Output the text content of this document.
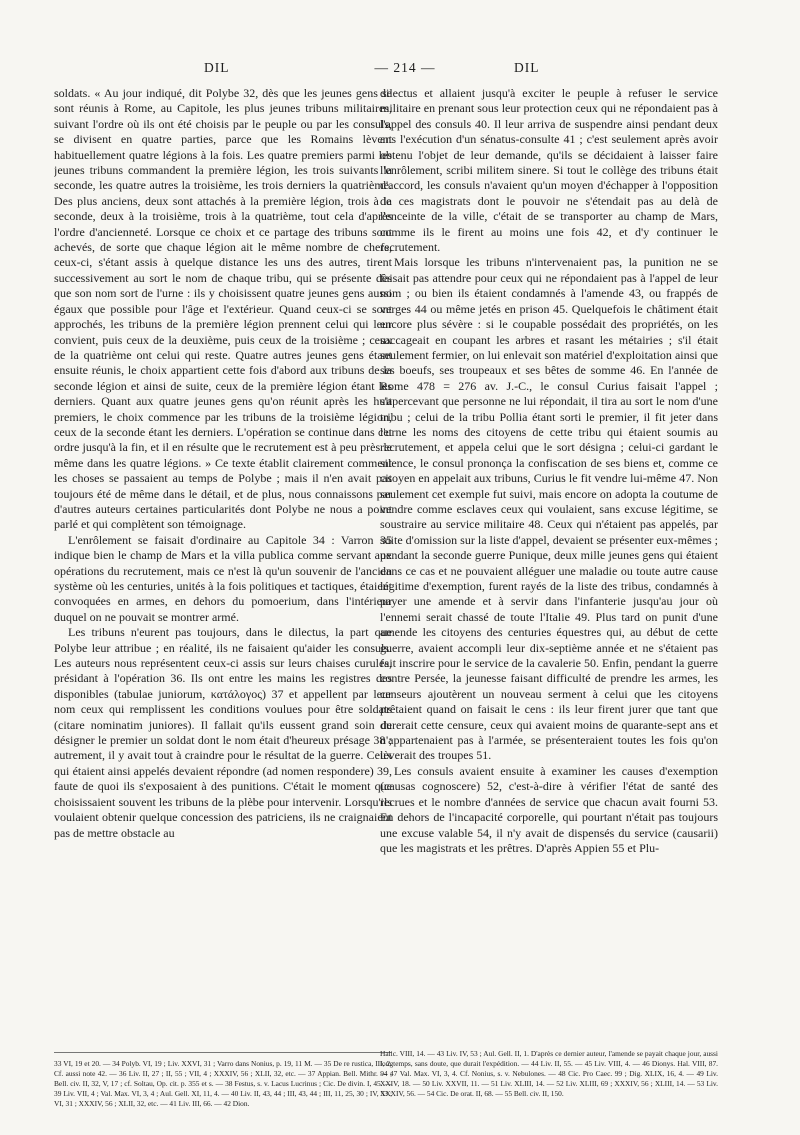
DIL	— 214 —	DIL

soldats. « Au jour indiqué, dit Polybe 32, dès que les jeunes gens se sont réunis à Rome, au Capitole, les plus jeunes tribuns militaires, suivant l'ordre où ils ont été choisis par le peuple ou par les consuls, se divisent en quatre parties, parce que les Romains lèvent habituellement quatre légions à la fois. Les quatre premiers parmi les jeunes tribuns commandent la première légion, les trois suivants la seconde, les quatre autres la troisième, les trois derniers la quatrième. Des plus anciens, deux sont attachés à la première légion, trois à la seconde, deux à la troisième, trois à la quatrième, tout cela d'après l'ordre d'ancienneté. Lorsque ce choix et ce partage des tribuns sont achevés, de sorte que chaque légion ait le même nombre de chefs, ceux-ci, s'étant assis à quelque distance les uns des autres, tirent successivement au sort le nom de chaque tribu, qui se présente dès que son nom sort de l'urne : ils y choisissent quatre jeunes gens aussi égaux que possible pour l'âge et l'extérieur. Quand ceux-ci se sont approchés, les tribuns de la première légion prennent celui qui leur convient, puis ceux de la deuxième, puis ceux de la troisième ; ceux de la quatrième ont celui qui reste. Quatre autres jeunes gens étant ensuite réunis, le choix appartient cette fois d'abord aux tribuns de la seconde légion et ainsi de suite, ceux de la première légion étant les derniers. Quant aux quatre jeunes gens qu'on réunit après les huit premiers, le choix commence par les tribuns de la troisième légion, ceux de la seconde étant les derniers. L'opération se continue dans cet ordre jusqu'à la fin, et il en résulte que le recrutement est à peu près le même dans les quatre légions. » Ce texte établit clairement comment les choses se passaient au temps de Polybe ; mais il n'en avait pas toujours été de même dans le détail, et de plus, nous connaissons par d'autres auteurs certaines particularités dont Polybe ne nous a point parlé et qui complètent son témoignage.

L'enrôlement se faisait d'ordinaire au Capitole 34 : Varron 35 indique bien le champ de Mars et la villa publica comme servant aux opérations du recrutement, mais ce n'est là qu'un souvenir de l'ancien système où les centuries, unités à la fois politiques et tactiques, étaient convoquées en armes, en dehors du pomoerium, dans l'intérieur duquel on ne pouvait se montrer armé.

Les tribuns n'eurent pas toujours, dans le dilectus, la part que Polybe leur attribue ; en réalité, ils ne faisaient qu'aider les consuls. Les auteurs nous représentent ceux-ci assis sur leurs chaises curules, présidant à l'opération 36. Ils ont entre les mains les registres des disponibles (tabulae juniorum, κατάλογος) 37 et appellent par leur nom ceux qui remplissent les conditions voulues pour être soldats (citare nominatim juniores). Il fallait qu'ils eussent grand soin de désigner le premier un soldat dont le nom était d'heureux présage 38 ; autrement, il y avait tout à craindre pour le résultat de la guerre. Ceux qui étaient ainsi appelés devaient répondre (ad nomen respondere) 39, faute de quoi ils s'exposaient à des punitions. C'était le moment que choisissaient souvent les tribuns de la plèbe pour intervenir. Lorsqu'ils voulaient obtenir quelque concession des patriciens, ils ne craignaient pas de mettre obstacle au

dilectus et allaient jusqu'à exciter le peuple à refuser le service militaire en prenant sous leur protection ceux qui ne répondaient pas à l'appel des consuls 40. Il leur arriva de suspendre ainsi pendant deux ans l'exécution d'un sénatus-consulte 41 ; c'est seulement après avoir obtenu l'objet de leur demande, qu'ils se décidaient à laisser faire l'enrôlement, scribi militem sinere. Si tout le collège des tribuns était d'accord, les consuls n'avaient qu'un moyen d'échapper à l'opposition de ces magistrats dont le pouvoir ne s'étendait pas au delà de l'enceinte de la ville, c'était de se transporter au champ de Mars, comme ils le firent au moins une fois 42, et d'y continuer le recrutement.

Mais lorsque les tribuns n'intervenaient pas, la punition ne se faisait pas attendre pour ceux qui ne répondaient pas à l'appel de leur nom ; ou bien ils étaient condamnés à l'amende 43, ou frappés de verges 44 ou même jetés en prison 45. Quelquefois le châtiment était encore plus sévère : si le coupable possédait des propriétés, on les saccageait en coupant les arbres et rasant les métairies ; s'il était seulement fermier, on lui enlevait son matériel d'exploitation ainsi que ses boeufs, ses troupeaux et ses bêtes de somme 46. En l'année de Rome 478 = 276 av. J.-C., le consul Curius faisait l'appel ; s'apercevant que personne ne lui répondait, il tira au sort le nom d'une tribu ; celui de la tribu Pollia étant sorti le premier, il fit jeter dans l'urne les noms des citoyens de cette tribu qui étaient soumis au recrutement, et appela celui que le sort désigna ; celui-ci gardant le silence, le consul prononça la confiscation de ses biens et, comme ce citoyen en appelait aux tribuns, Curius le fit vendre lui-même 47. Non seulement cet exemple fut suivi, mais encore on adopta la coutume de vendre comme esclaves ceux qui voulaient, sans excuse légitime, se soustraire au service militaire 48. Ceux qui n'étaient pas appelés, par suite d'omission sur la liste d'appel, devaient se présenter eux-mêmes ; pendant la seconde guerre Punique, deux mille jeunes gens qui étaient dans ce cas et ne pouvaient alléguer une maladie ou toute autre cause légitime d'exemption, furent rayés de la liste des tribus, condamnés à payer une amende et à servir dans l'infanterie jusqu'au jour où l'ennemi serait chassé de toute l'Italie 49. Plus tard on punit d'une amende les citoyens des centuries équestres qui, au début de cette guerre, avaient accompli leur dix-septième année et ne s'étaient pas fait inscrire pour le service de la cavalerie 50. Enfin, pendant la guerre contre Persée, la jeunesse faisant difficulté de prendre les armes, les censeurs ajoutèrent un nouveau serment à celui que les citoyens prêtaient quand on faisait le cens : ils leur firent jurer que tant que durerait cette censure, ceux qui avaient moins de quarante-sept ans et n'appartenaient pas à l'armée, se présenteraient toutes les fois qu'on lèverait des troupes 51.

Les consuls avaient ensuite à examiner les causes d'exemption (causas cognoscere) 52, c'est-à-dire à vérifier l'état de santé des recrues et le nombre d'années de service que chacun avait fourni 53. En dehors de l'incapacité corporelle, qui pourtant n'était pas toujours une excuse valable 54, il n'y avait de dispensés du service (causarii) que les magistrats et les prêtres. D'après Appien 55 et Plu-

33 VI, 19 et 20. — 34 Polyb. VI, 19 ; Liv. XXVI, 31 ; Varro dans Nonius, p. 19, 11 M. — 35 De re rustica, III, 2. Cf. aussi note 42. — 36 Liv. II, 27 ; II, 55 ; VII, 4 ; XXXIV, 56 ; XLII, 32, etc. — 37 Appian. Bell. Mithr. 94 ; Bell. civ. II, 32, V, 17 ; cf. Soltau, Op. cit. p. 355 et s. — 38 Festus, s. v. Lacus Lucrinus ; Cic. De divin. I, 45. — 39 Liv. VII, 4 ; Val. Max. VI, 3, 4 ; Aul. Gell. XI, 11, 4. — 40 Liv. II, 43, 44 ; III, 43, 44 ; III, 11, 25, 30 ; IV, 53 ; VI, 31 ; XXXIV, 56 ; XLII, 32, etc. — 41 Liv. III, 66. — 42 Dion.
Halic. VIII, 14. — 43 Liv. IV, 53 ; Aul. Gell. II, 1. D'après ce dernier auteur, l'amende se payait chaque jour, aussi longtemps, sans doute, que durait l'expédition. — 44 Liv. II, 55. — 45 Liv. VIII, 4. — 46 Dionys. Hal. VIII, 87. — 47 Val. Max. VI, 3, 4. Cf. Nonius, s. v. Nebulones. — 48 Cic. Pro Caec. 99 ; Dig. XLIX, 16, 4. — 49 Liv. XXIV, 18. — 50 Liv. XXVII, 11. — 51 Liv. XLIII, 14. — 52 Liv. XLIII, 69 ; XXXIV, 56 ; XLIII, 14. — 53 Liv. XXXIV, 56. — 54 Cic. De orat. II, 68. — 55 Bell. civ. II, 150.
